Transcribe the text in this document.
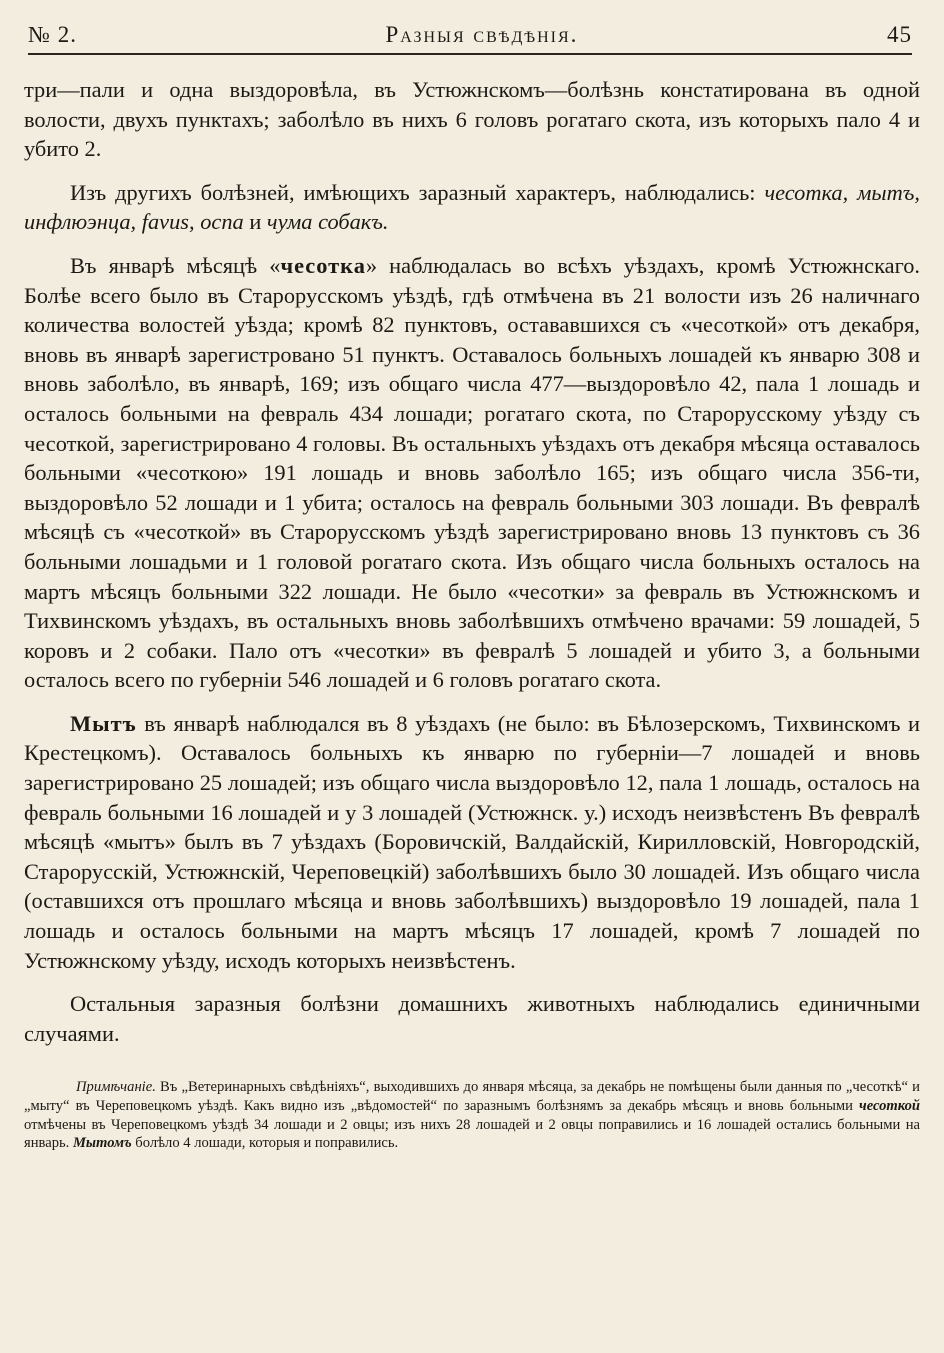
№ 2.	Разныя свѣдѣнія.	45

три—пали и одна выздоровѣла, въ Устюжнскомъ—болѣзнь констатирована въ одной волости, двухъ пунктахъ; заболѣло въ нихъ 6 головъ рогатаго скота, изъ которыхъ пало 4 и убито 2.

Изъ другихъ болѣзней, имѣющихъ заразный характеръ, наблюдались: чесотка, мытъ, инфлюэнца, favus, оспа и чума собакъ.

Въ январѣ мѣсяцѣ «чесотка» наблюдалась во всѣхъ уѣздахъ, кромѣ Устюжнскаго. Болѣе всего было въ Старорусскомъ уѣздѣ, гдѣ отмѣчена въ 21 волости изъ 26 наличнаго количества волостей уѣзда; кромѣ 82 пунктовъ, остававшихся съ «чесоткой» отъ декабря, вновь въ январѣ зарегистровано 51 пунктъ. Оставалось больныхъ лошадей къ январю 308 и вновь заболѣло, въ январѣ, 169; изъ общаго числа 477—выздоровѣло 42, пала 1 лошадь и осталось больными на февраль 434 лошади; рогатаго скота, по Старорусскому уѣзду съ чесоткой, зарегистрировано 4 головы. Въ остальныхъ уѣздахъ отъ декабря мѣсяца оставалось больными «чесоткою» 191 лошадь и вновь заболѣло 165; изъ общаго числа 356-ти, выздоровѣло 52 лошади и 1 убита; осталось на февраль больными 303 лошади. Въ февралѣ мѣсяцѣ съ «чесоткой» въ Старорусскомъ уѣздѣ зарегистрировано вновь 13 пунктовъ съ 36 больными лошадьми и 1 головой рогатаго скота. Изъ общаго числа больныхъ осталось на мартъ мѣсяцъ больными 322 лошади. Не было «чесотки» за февраль въ Устюжнскомъ и Тихвинскомъ уѣздахъ, въ остальныхъ вновь заболѣвшихъ отмѣчено врачами: 59 лошадей, 5 коровъ и 2 собаки. Пало отъ «чесотки» въ февралѣ 5 лошадей и убито 3, а больными осталось всего по губерніи 546 лошадей и 6 головъ рогатаго скота.

Мытъ въ январѣ наблюдался въ 8 уѣздахъ (не было: въ Бѣлозерскомъ, Тихвинскомъ и Крестецкомъ). Оставалось больныхъ къ январю по губерніи—7 лошадей и вновь зарегистрировано 25 лошадей; изъ общаго числа выздоровѣло 12, пала 1 лошадь, осталось на февраль больными 16 лошадей и у 3 лошадей (Устюжнск. у.) исходъ неизвѣстенъ Въ февралѣ мѣсяцѣ «мытъ» былъ въ 7 уѣздахъ (Боровичскій, Валдайскій, Кирилловскій, Новгородскій, Старорусскій, Устюжнскій, Череповецкій) заболѣвшихъ было 30 лошадей. Изъ общаго числа (оставшихся отъ прошлаго мѣсяца и вновь заболѣвшихъ) выздоровѣло 19 лошадей, пала 1 лошадь и осталось больными на мартъ мѣсяцъ 17 лошадей, кромѣ 7 лошадей по Устюжнскому уѣзду, исходъ которыхъ неизвѣстенъ.

Остальныя заразныя болѣзни домашнихъ животныхъ наблюдались единичными случаями.

Примѣчаніе. Въ „Ветеринарныхъ свѣдѣніяхъ“, выходившихъ до января мѣсяца, за декабрь не помѣщены были данныя по „чесоткѣ“ и „мыту“ въ Череповецкомъ уѣздѣ. Какъ видно изъ „вѣдомостей“ по заразнымъ болѣзнямъ за декабрь мѣсяцъ и вновь больными чесоткой отмѣчены въ Череповецкомъ уѣздѣ 34 лошади и 2 овцы; изъ нихъ 28 лошадей и 2 овцы поправились и 16 лошадей остались больными на январь. Мытомъ болѣло 4 лошади, которыя и поправились.
